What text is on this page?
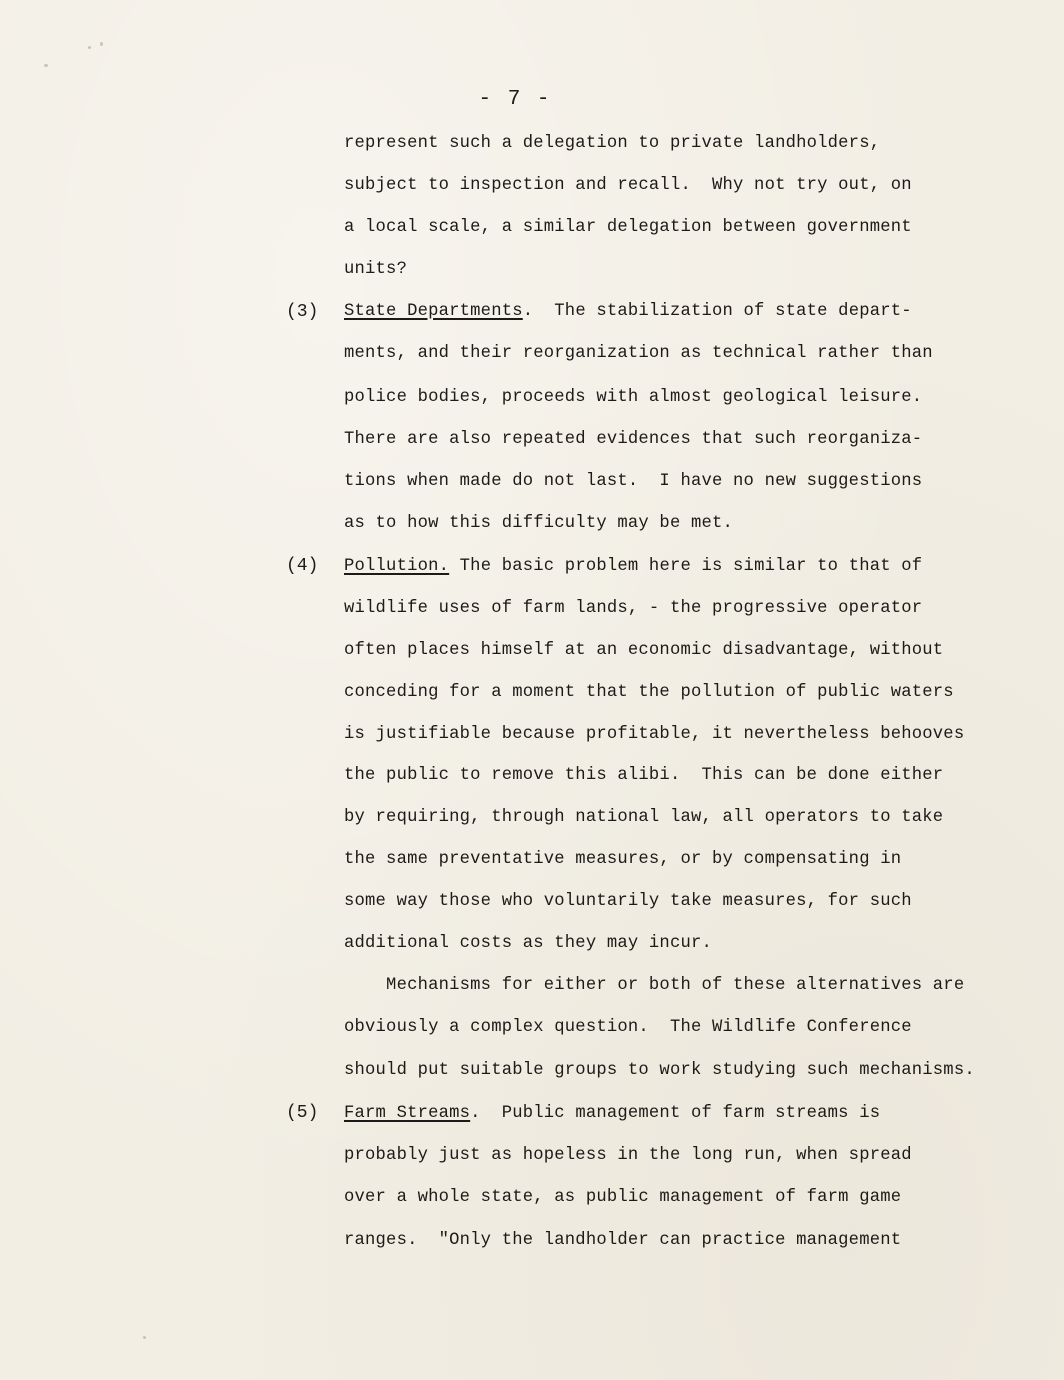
- 7 -
represent such a delegation to private landholders,
subject to inspection and recall.  Why not try out, on
a local scale, a similar delegation between government
units?
(3) State Departments.  The stabilization of state depart-
ments, and their reorganization as technical rather than
police bodies, proceeds with almost geological leisure.
There are also repeated evidences that such reorganiza-
tions when made do not last.  I have no new suggestions
as to how this difficulty may be met.
(4) Pollution. The basic problem here is similar to that of
wildlife uses of farm lands, - the progressive operator
often places himself at an economic disadvantage, without
conceding for a moment that the pollution of public waters
is justifiable because profitable, it nevertheless behooves
the public to remove this alibi.  This can be done either
by requiring, through national law, all operators to take
the same preventative measures, or by compensating in
some way those who voluntarily take measures, for such
additional costs as they may incur.
Mechanisms for either or both of these alternatives are
obviously a complex question.  The Wildlife Conference
should put suitable groups to work studying such mechanisms.
(5) Farm Streams.  Public management of farm streams is
probably just as hopeless in the long run, when spread
over a whole state, as public management of farm game
ranges.  "Only the landholder can practice management
